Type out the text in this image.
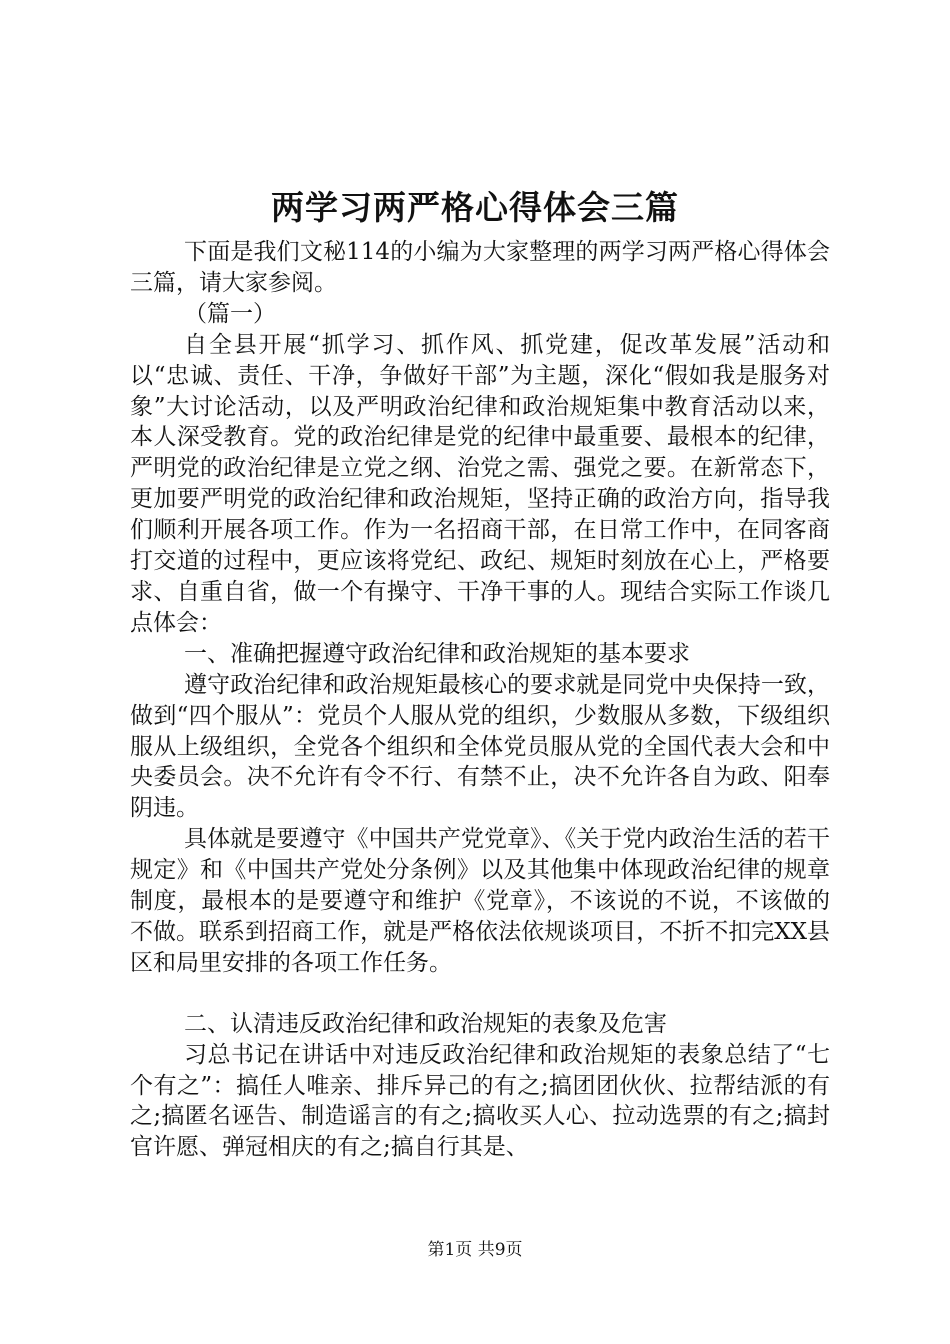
两学习两严格心得体会三篇

下面是我们文秘114的小编为大家整理的两学习两严格心得体会三篇，请大家参阅。

（篇一）

自全县开展“抓学习、抓作风、抓党建，促改革发展”活动和以“忠诚、责任、干净，争做好干部”为主题，深化“假如我是服务对象”大讨论活动，以及严明政治纪律和政治规矩集中教育活动以来，本人深受教育。党的政治纪律是党的纪律中最重要、最根本的纪律，严明党的政治纪律是立党之纲、治党之需、强党之要。在新常态下，更加要严明党的政治纪律和政治规矩，坚持正确的政治方向，指导我们顺利开展各项工作。作为一名招商干部，在日常工作中，在同客商打交道的过程中，更应该将党纪、政纪、规矩时刻放在心上，严格要求、自重自省，做一个有操守、干净干事的人。现结合实际工作谈几点体会：

一、准确把握遵守政治纪律和政治规矩的基本要求

遵守政治纪律和政治规矩最核心的要求就是同党中央保持一致，做到“四个服从”：党员个人服从党的组织，少数服从多数，下级组织服从上级组织，全党各个组织和全体党员服从党的全国代表大会和中央委员会。决不允许有令不行、有禁不止，决不允许各自为政、阳奉阴违。

具体就是要遵守《中国共产党党章》、《关于党内政治生活的若干规定》和《中国共产党处分条例》以及其他集中体现政治纪律的规章制度，最根本的是要遵守和维护《党章》，不该说的不说，不该做的不做。联系到招商工作，就是严格依法依规谈项目，不折不扣完XX县区和局里安排的各项工作任务。

二、认清违反政治纪律和政治规矩的表象及危害

习总书记在讲话中对违反政治纪律和政治规矩的表象总结了“七个有之”：搞任人唯亲、排斥异己的有之;搞团团伙伙、拉帮结派的有之;搞匿名诬告、制造谣言的有之;搞收买人心、拉动选票的有之;搞封官许愿、弹冠相庆的有之;搞自行其是、

第1页 共9页
